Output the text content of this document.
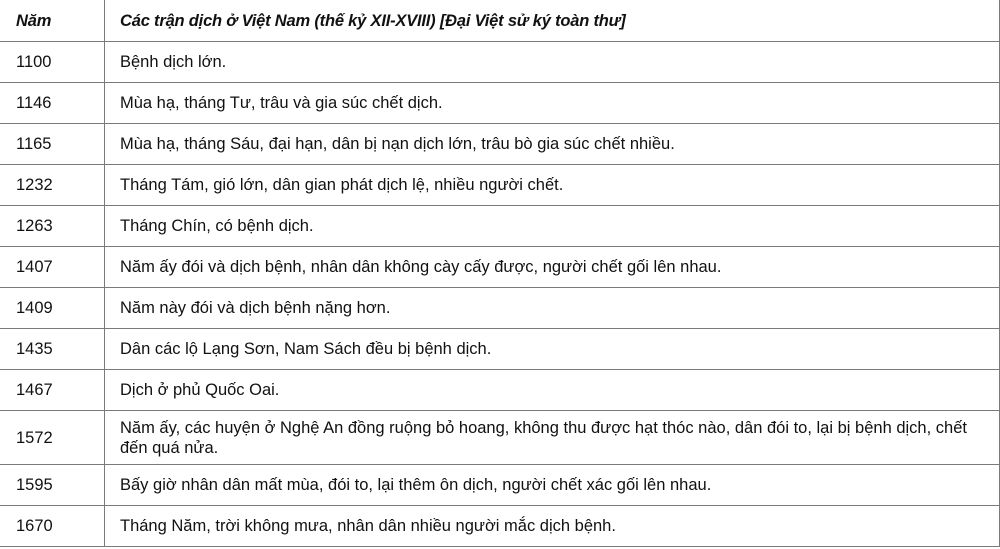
Năm	Các trận dịch ở Việt Nam (thế kỷ XII-XVIII) [Đại Việt sử ký toàn thư]
1100	Bệnh dịch lớn.
1146	Mùa hạ, tháng Tư, trâu và gia súc chết dịch.
1165	Mùa hạ, tháng Sáu, đại hạn, dân bị nạn dịch lớn, trâu bò gia súc chết nhiều.
1232	Tháng Tám, gió lớn, dân gian phát dịch lệ, nhiều người chết.
1263	Tháng Chín, có bệnh dịch.
1407	Năm ấy đói và dịch bệnh, nhân dân không cày cấy được, người chết gối lên nhau.
1409	Năm này đói và dịch bệnh nặng hơn.
1435	Dân các lộ Lạng Sơn, Nam Sách đều bị bệnh dịch.
1467	Dịch ở phủ Quốc Oai.
1572	Năm ấy, các huyện ở Nghệ An đồng ruộng bỏ hoang, không thu được hạt thóc nào, dân đói to, lại bị bệnh dịch, chết đến quá nửa.
1595	Bấy giờ nhân dân mất mùa, đói to, lại thêm ôn dịch, người chết xác gối lên nhau.
1670	Tháng Năm, trời không mưa, nhân dân nhiều người mắc dịch bệnh.
